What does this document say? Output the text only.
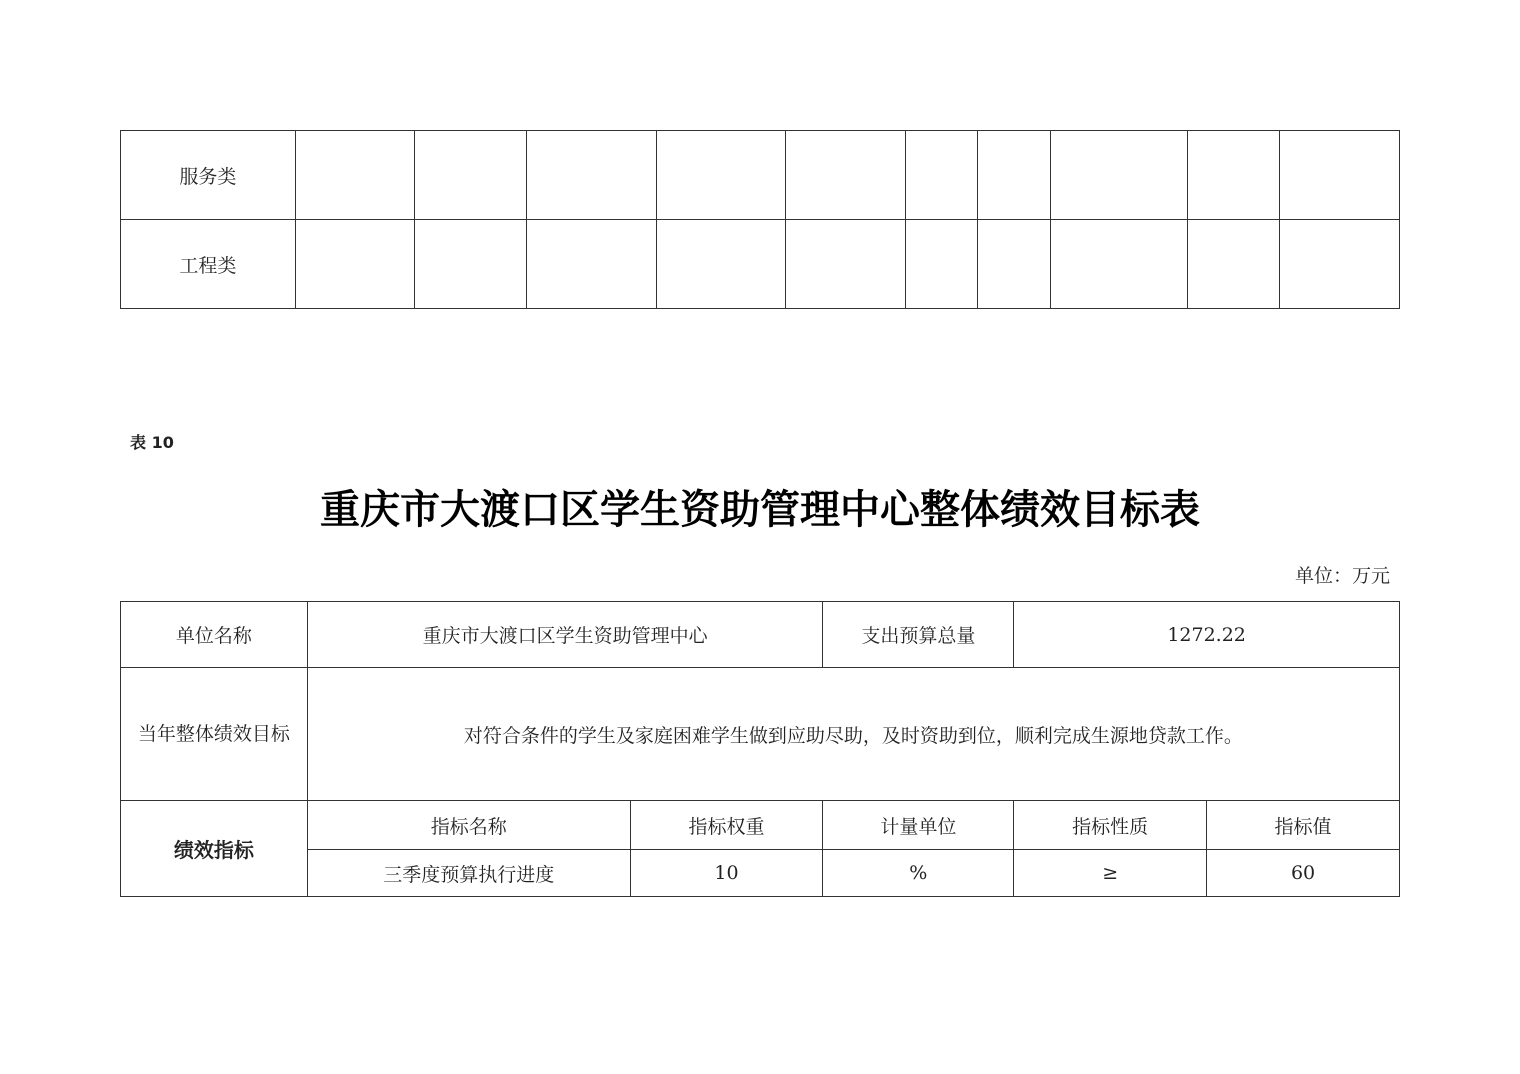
服务类										
工程类										
表 10
重庆市大渡口区学生资助管理中心整体绩效目标表
单位：万元
单位名称	重庆市大渡口区学生资助管理中心		支出预算总量	1272.22	
当年整体绩效目标	对符合条件的学生及家庭困难学生做到应助尽助，及时资助到位，顺利完成生源地贷款工作。				
绩效指标	指标名称	指标权重	计量单位	指标性质	指标值
	三季度预算执行进度	10	%	≥	60
